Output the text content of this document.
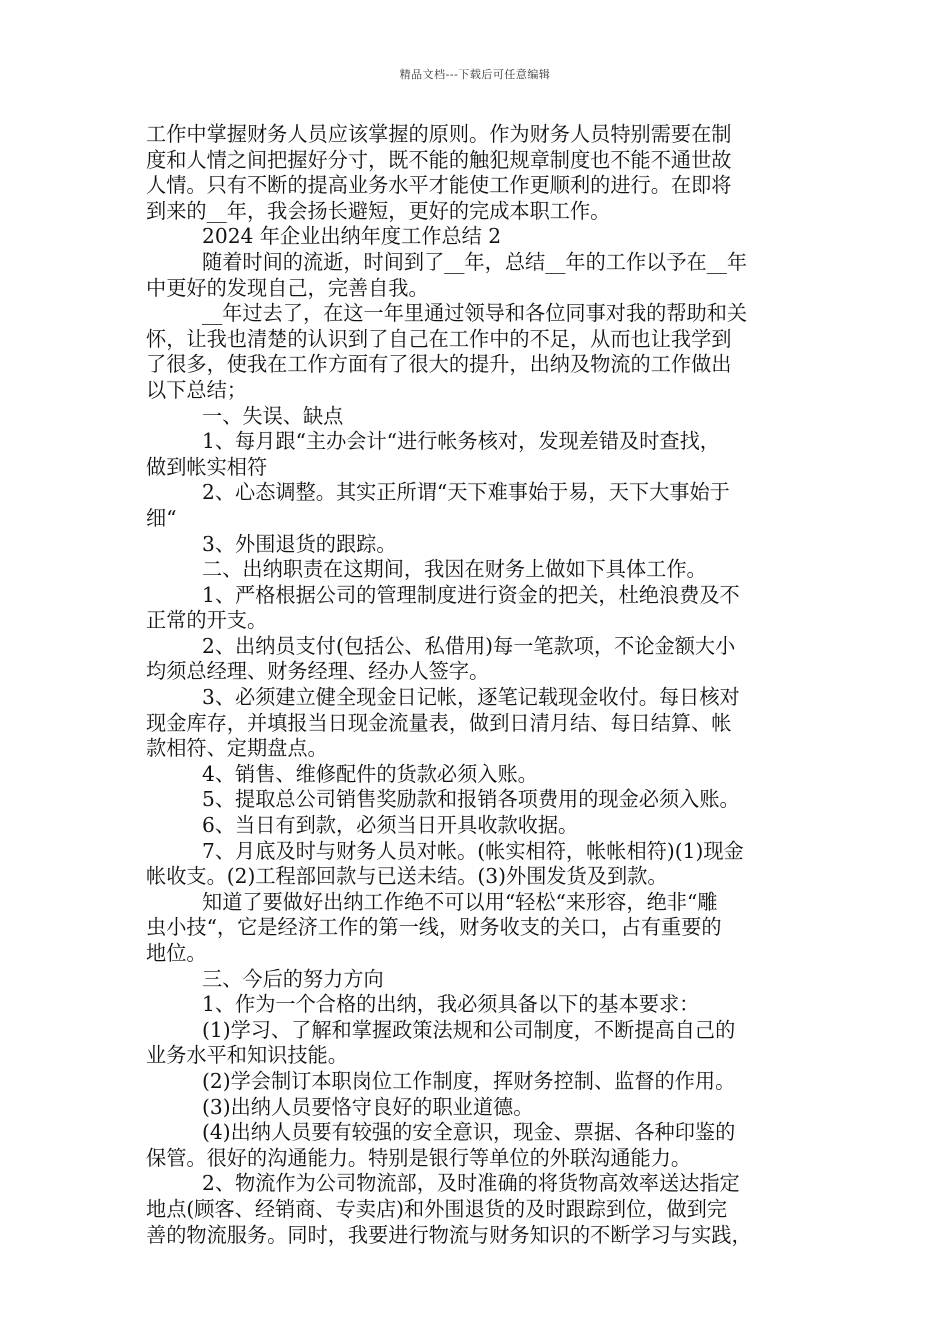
精品文档---下载后可任意编辑
工作中掌握财务人员应该掌握的原则。作为财务人员特别需要在制
度和人情之间把握好分寸，既不能的触犯规章制度也不能不通世故
人情。只有不断的提高业务水平才能使工作更顺利的进行。在即将
到来的__年，我会扬长避短，更好的完成本职工作。
2024 年企业出纳年度工作总结 2
随着时间的流逝，时间到了__年，总结__年的工作以予在__年
中更好的发现自己，完善自我。
__年过去了，在这一年里通过领导和各位同事对我的帮助和关
怀，让我也清楚的认识到了自己在工作中的不足，从而也让我学到
了很多，使我在工作方面有了很大的提升，出纳及物流的工作做出
以下总结；
一、失误、缺点
1、每月跟“主办会计“进行帐务核对，发现差错及时查找，
做到帐实相符
2、心态调整。其实正所谓“天下难事始于易，天下大事始于
细“
3、外围退货的跟踪。
二、出纳职责在这期间，我因在财务上做如下具体工作。
1、严格根据公司的管理制度进行资金的把关，杜绝浪费及不
正常的开支。
2、出纳员支付(包括公、私借用)每一笔款项，不论金额大小
均须总经理、财务经理、经办人签字。
3、必须建立健全现金日记帐，逐笔记载现金收付。每日核对
现金库存，并填报当日现金流量表，做到日清月结、每日结算、帐
款相符、定期盘点。
4、销售、维修配件的货款必须入账。
5、提取总公司销售奖励款和报销各项费用的现金必须入账。
6、当日有到款，必须当日开具收款收据。
7、月底及时与财务人员对帐。(帐实相符，帐帐相符)(1)现金
帐收支。(2)工程部回款与已送未结。(3)外围发货及到款。
知道了要做好出纳工作绝不可以用“轻松“来形容，绝非“雕
虫小技“，它是经济工作的第一线，财务收支的关口，占有重要的
地位。
三、今后的努力方向
1、作为一个合格的出纳，我必须具备以下的基本要求：
(1)学习、了解和掌握政策法规和公司制度，不断提高自己的
业务水平和知识技能。
(2)学会制订本职岗位工作制度，挥财务控制、监督的作用。
(3)出纳人员要恪守良好的职业道德。
(4)出纳人员要有较强的安全意识，现金、票据、各种印鉴的
保管。很好的沟通能力。特别是银行等单位的外联沟通能力。
2、物流作为公司物流部，及时准确的将货物高效率送达指定
地点(顾客、经销商、专卖店)和外围退货的及时跟踪到位，做到完
善的物流服务。同时，我要进行物流与财务知识的不断学习与实践，
